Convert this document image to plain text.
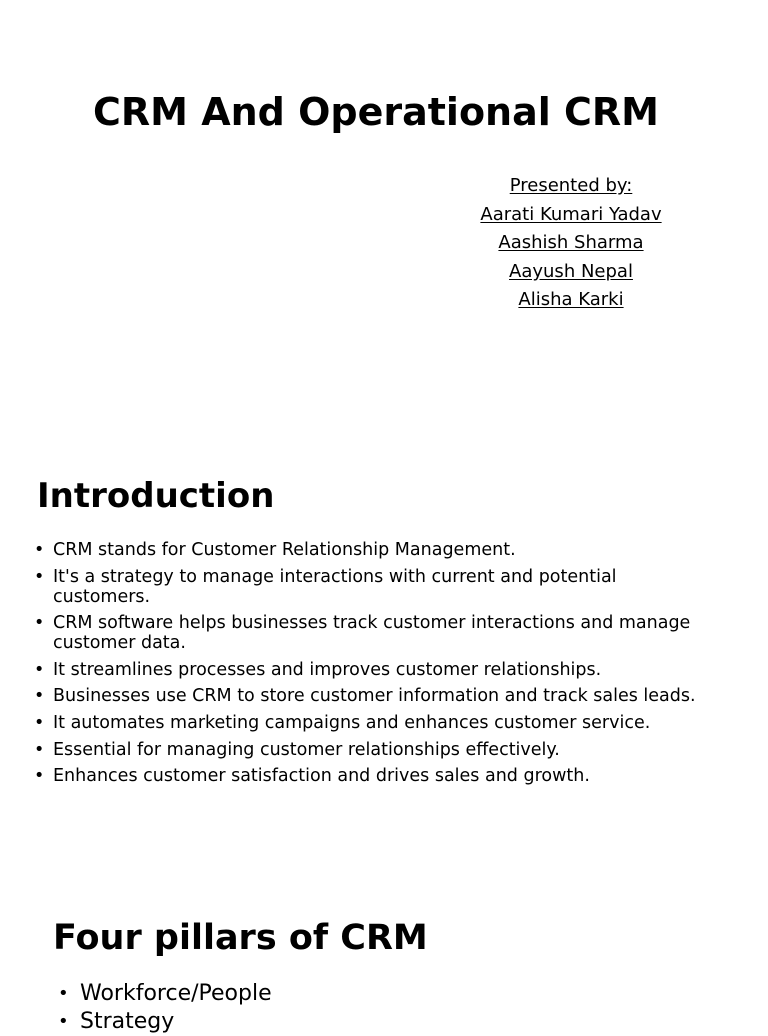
CRM And Operational CRM
Presented by:
Aarati Kumari Yadav
Aashish Sharma
Aayush Nepal
Alisha Karki
Introduction
• CRM stands for Customer Relationship Management.
• It's a strategy to manage interactions with current and potential customers.
• CRM software helps businesses track customer interactions and manage customer data.
• It streamlines processes and improves customer relationships.
• Businesses use CRM to store customer information and track sales leads.
• It automates marketing campaigns and enhances customer service.
• Essential for managing customer relationships effectively.
• Enhances customer satisfaction and drives sales and growth.
Four pillars of CRM
• Workforce/People
• Strategy
